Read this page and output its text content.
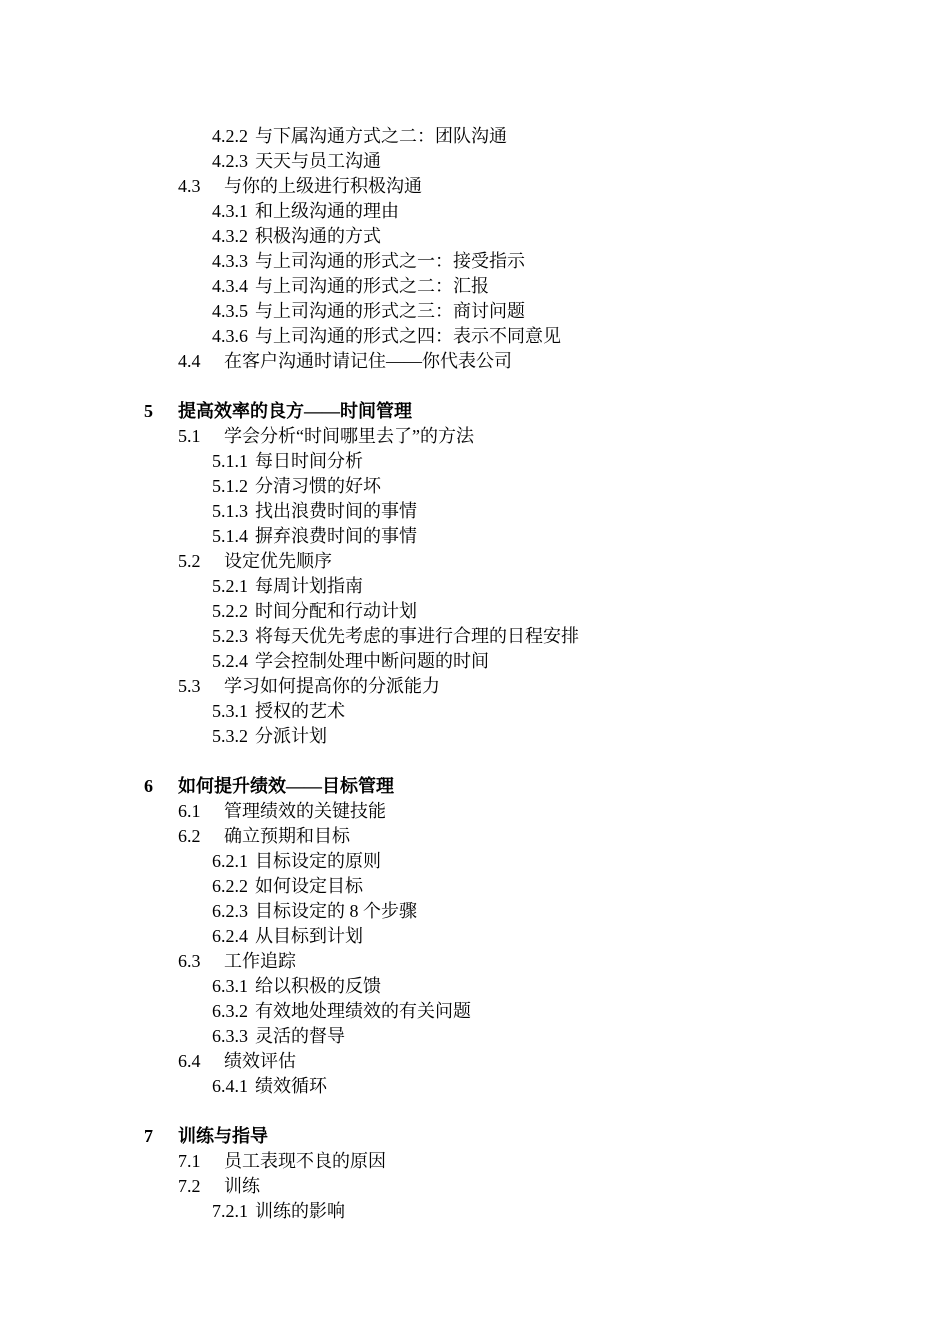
4.2.2 与下属沟通方式之二：团队沟通
4.2.3 天天与员工沟通
4.3 与你的上级进行积极沟通
4.3.1 和上级沟通的理由
4.3.2 积极沟通的方式
4.3.3 与上司沟通的形式之一：接受指示
4.3.4 与上司沟通的形式之二：汇报
4.3.5 与上司沟通的形式之三：商讨问题
4.3.6 与上司沟通的形式之四：表示不同意见
4.4 在客户沟通时请记住——你代表公司
5 提高效率的良方——时间管理
5.1 学会分析“时间哪里去了”的方法
5.1.1 每日时间分析
5.1.2 分清习惯的好坏
5.1.3 找出浪费时间的事情
5.1.4 摒弃浪费时间的事情
5.2 设定优先顺序
5.2.1 每周计划指南
5.2.2 时间分配和行动计划
5.2.3 将每天优先考虑的事进行合理的日程安排
5.2.4 学会控制处理中断问题的时间
5.3 学习如何提高你的分派能力
5.3.1 授权的艺术
5.3.2 分派计划
6 如何提升绩效——目标管理
6.1 管理绩效的关键技能
6.2 确立预期和目标
6.2.1 目标设定的原则
6.2.2 如何设定目标
6.2.3 目标设定的 8 个步骤
6.2.4 从目标到计划
6.3 工作追踪
6.3.1 给以积极的反馈
6.3.2 有效地处理绩效的有关问题
6.3.3 灵活的督导
6.4 绩效评估
6.4.1 绩效循环
7 训练与指导
7.1 员工表现不良的原因
7.2 训练
7.2.1 训练的影响
